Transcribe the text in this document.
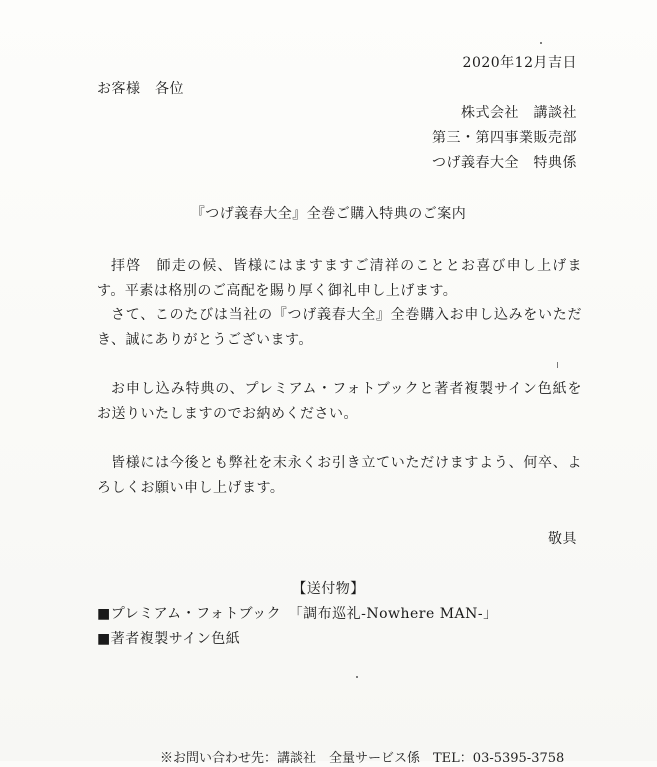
2020年12月吉日
お客様　各位
株式会社　講談社
第三・第四事業販売部
つげ義春大全　特典係
『つげ義春大全』全巻ご購入特典のご案内

拝啓　師走の候、皆様にはますますご清祥のこととお喜び申し上げます。平素は格別のご高配を賜り厚く御礼申し上げます。

さて、このたびは当社の『つげ義春大全』全巻購入お申し込みをいただき、誠にありがとうございます。

お申し込み特典の、プレミアム・フォトブックと著者複製サイン色紙をお送りいたしますのでお納めください。

皆様には今後とも弊社を末永くお引き立ていただけますよう、何卒、よろしくお願い申し上げます。

敬具
【送付物】
■プレミアム・フォトブック　「調布巡礼-Nowhere MAN-」
■著者複製サイン色紙
※お問い合わせ先：講談社　全量サービス係　TEL：03-5395-3758
